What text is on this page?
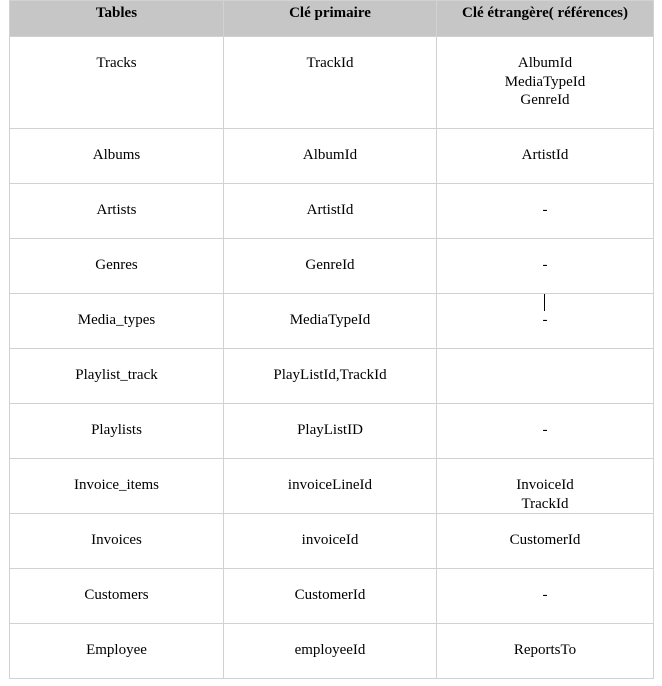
Tables	Clé primaire	Clé étrangère( références)
Tracks	TrackId	AlbumId
MediaTypeId
GenreId

Albums	AlbumId	ArtistId

Artists	ArtistId	-

Genres	GenreId	-

Media_types	MediaTypeId	-

Playlist_track	PlayListId,TrackId	
Playlists	PlayListID	-

Invoice_items	invoiceLineId	InvoiceId
TrackId

Invoices	invoiceId	CustomerId

Customers	CustomerId	-

Employee	employeeId	ReportsTo
